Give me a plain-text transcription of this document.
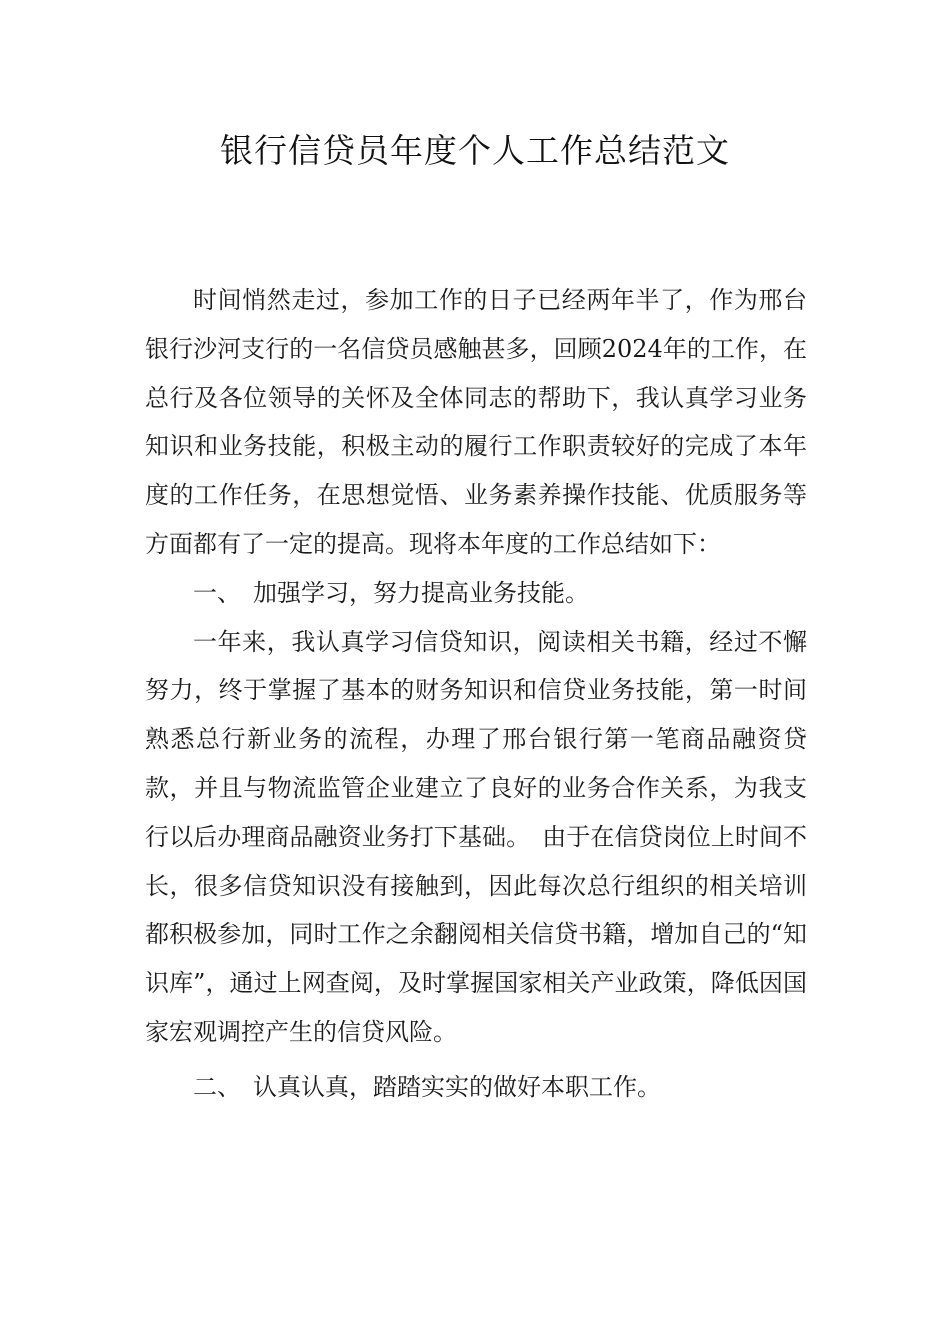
银行信贷员年度个人工作总结范文

时间悄然走过，参加工作的日子已经两年半了，作为邢台银行沙河支行的一名信贷员感触甚多，回顾2024年的工作，在总行及各位领导的关怀及全体同志的帮助下，我认真学习业务知识和业务技能，积极主动的履行工作职责较好的完成了本年度的工作任务，在思想觉悟、业务素养操作技能、优质服务等方面都有了一定的提高。现将本年度的工作总结如下：

一、　加强学习，努力提高业务技能。

一年来，我认真学习信贷知识，阅读相关书籍，经过不懈努力，终于掌握了基本的财务知识和信贷业务技能，第一时间熟悉总行新业务的流程，办理了邢台银行第一笔商品融资贷款，并且与物流监管企业建立了良好的业务合作关系，为我支行以后办理商品融资业务打下基础。　由于在信贷岗位上时间不长，很多信贷知识没有接触到，因此每次总行组织的相关培训都积极参加，同时工作之余翻阅相关信贷书籍，增加自己的“知识库”，通过上网查阅，及时掌握国家相关产业政策，降低因国家宏观调控产生的信贷风险。

二、　认真认真，踏踏实实的做好本职工作。
